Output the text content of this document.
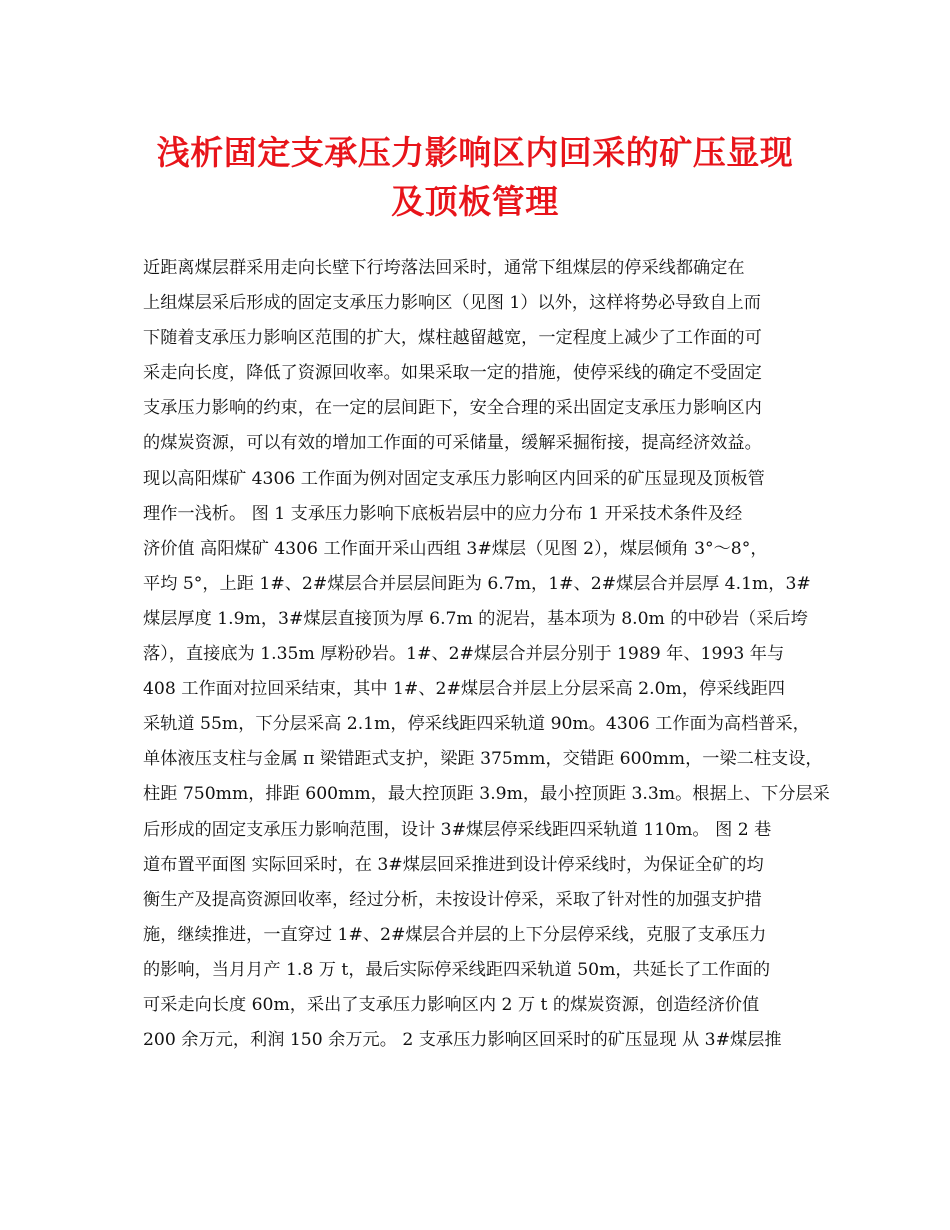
浅析固定支承压力影响区内回采的矿压显现
及顶板管理
近距离煤层群采用走向长壁下行垮落法回采时，通常下组煤层的停采线都确定在
上组煤层采后形成的固定支承压力影响区（见图 1）以外，这样将势必导致自上而
下随着支承压力影响区范围的扩大，煤柱越留越宽，一定程度上减少了工作面的可
采走向长度，降低了资源回收率。如果采取一定的措施，使停采线的确定不受固定
支承压力影响的约束，在一定的层间距下，安全合理的采出固定支承压力影响区内
的煤炭资源，可以有效的增加工作面的可采储量，缓解采掘衔接，提高经济效益。
现以高阳煤矿 4306 工作面为例对固定支承压力影响区内回采的矿压显现及顶板管
理作一浅析。 图 1 支承压力影响下底板岩层中的应力分布 1 开采技术条件及经
济价值 高阳煤矿 4306 工作面开采山西组 3#煤层（见图 2），煤层倾角 3°～8°，
平均 5°，上距 1#、2#煤层合并层层间距为 6.7m，1#、2#煤层合并层厚 4.1m，3#
煤层厚度 1.9m，3#煤层直接顶为厚 6.7m 的泥岩，基本项为 8.0m 的中砂岩（采后垮
落），直接底为 1.35m 厚粉砂岩。1#、2#煤层合并层分别于 1989 年、1993 年与
408 工作面对拉回采结束，其中 1#、2#煤层合并层上分层采高 2.0m，停采线距四
采轨道 55m，下分层采高 2.1m，停采线距四采轨道 90m。4306 工作面为高档普采，
单体液压支柱与金属 π 梁错距式支护，梁距 375mm，交错距 600mm，一梁二柱支设，
柱距 750mm，排距 600mm，最大控顶距 3.9m，最小控顶距 3.3m。根据上、下分层采
后形成的固定支承压力影响范围，设计 3#煤层停采线距四采轨道 110m。 图 2 巷
道布置平面图 实际回采时，在 3#煤层回采推进到设计停采线时，为保证全矿的均
衡生产及提高资源回收率，经过分析，未按设计停采，采取了针对性的加强支护措
施，继续推进，一直穿过 1#、2#煤层合并层的上下分层停采线，克服了支承压力
的影响，当月月产 1.8 万 t，最后实际停采线距四采轨道 50m，共延长了工作面的
可采走向长度 60m，采出了支承压力影响区内 2 万 t 的煤炭资源，创造经济价值
200 余万元，利润 150 余万元。 2 支承压力影响区回采时的矿压显现 从 3#煤层推
